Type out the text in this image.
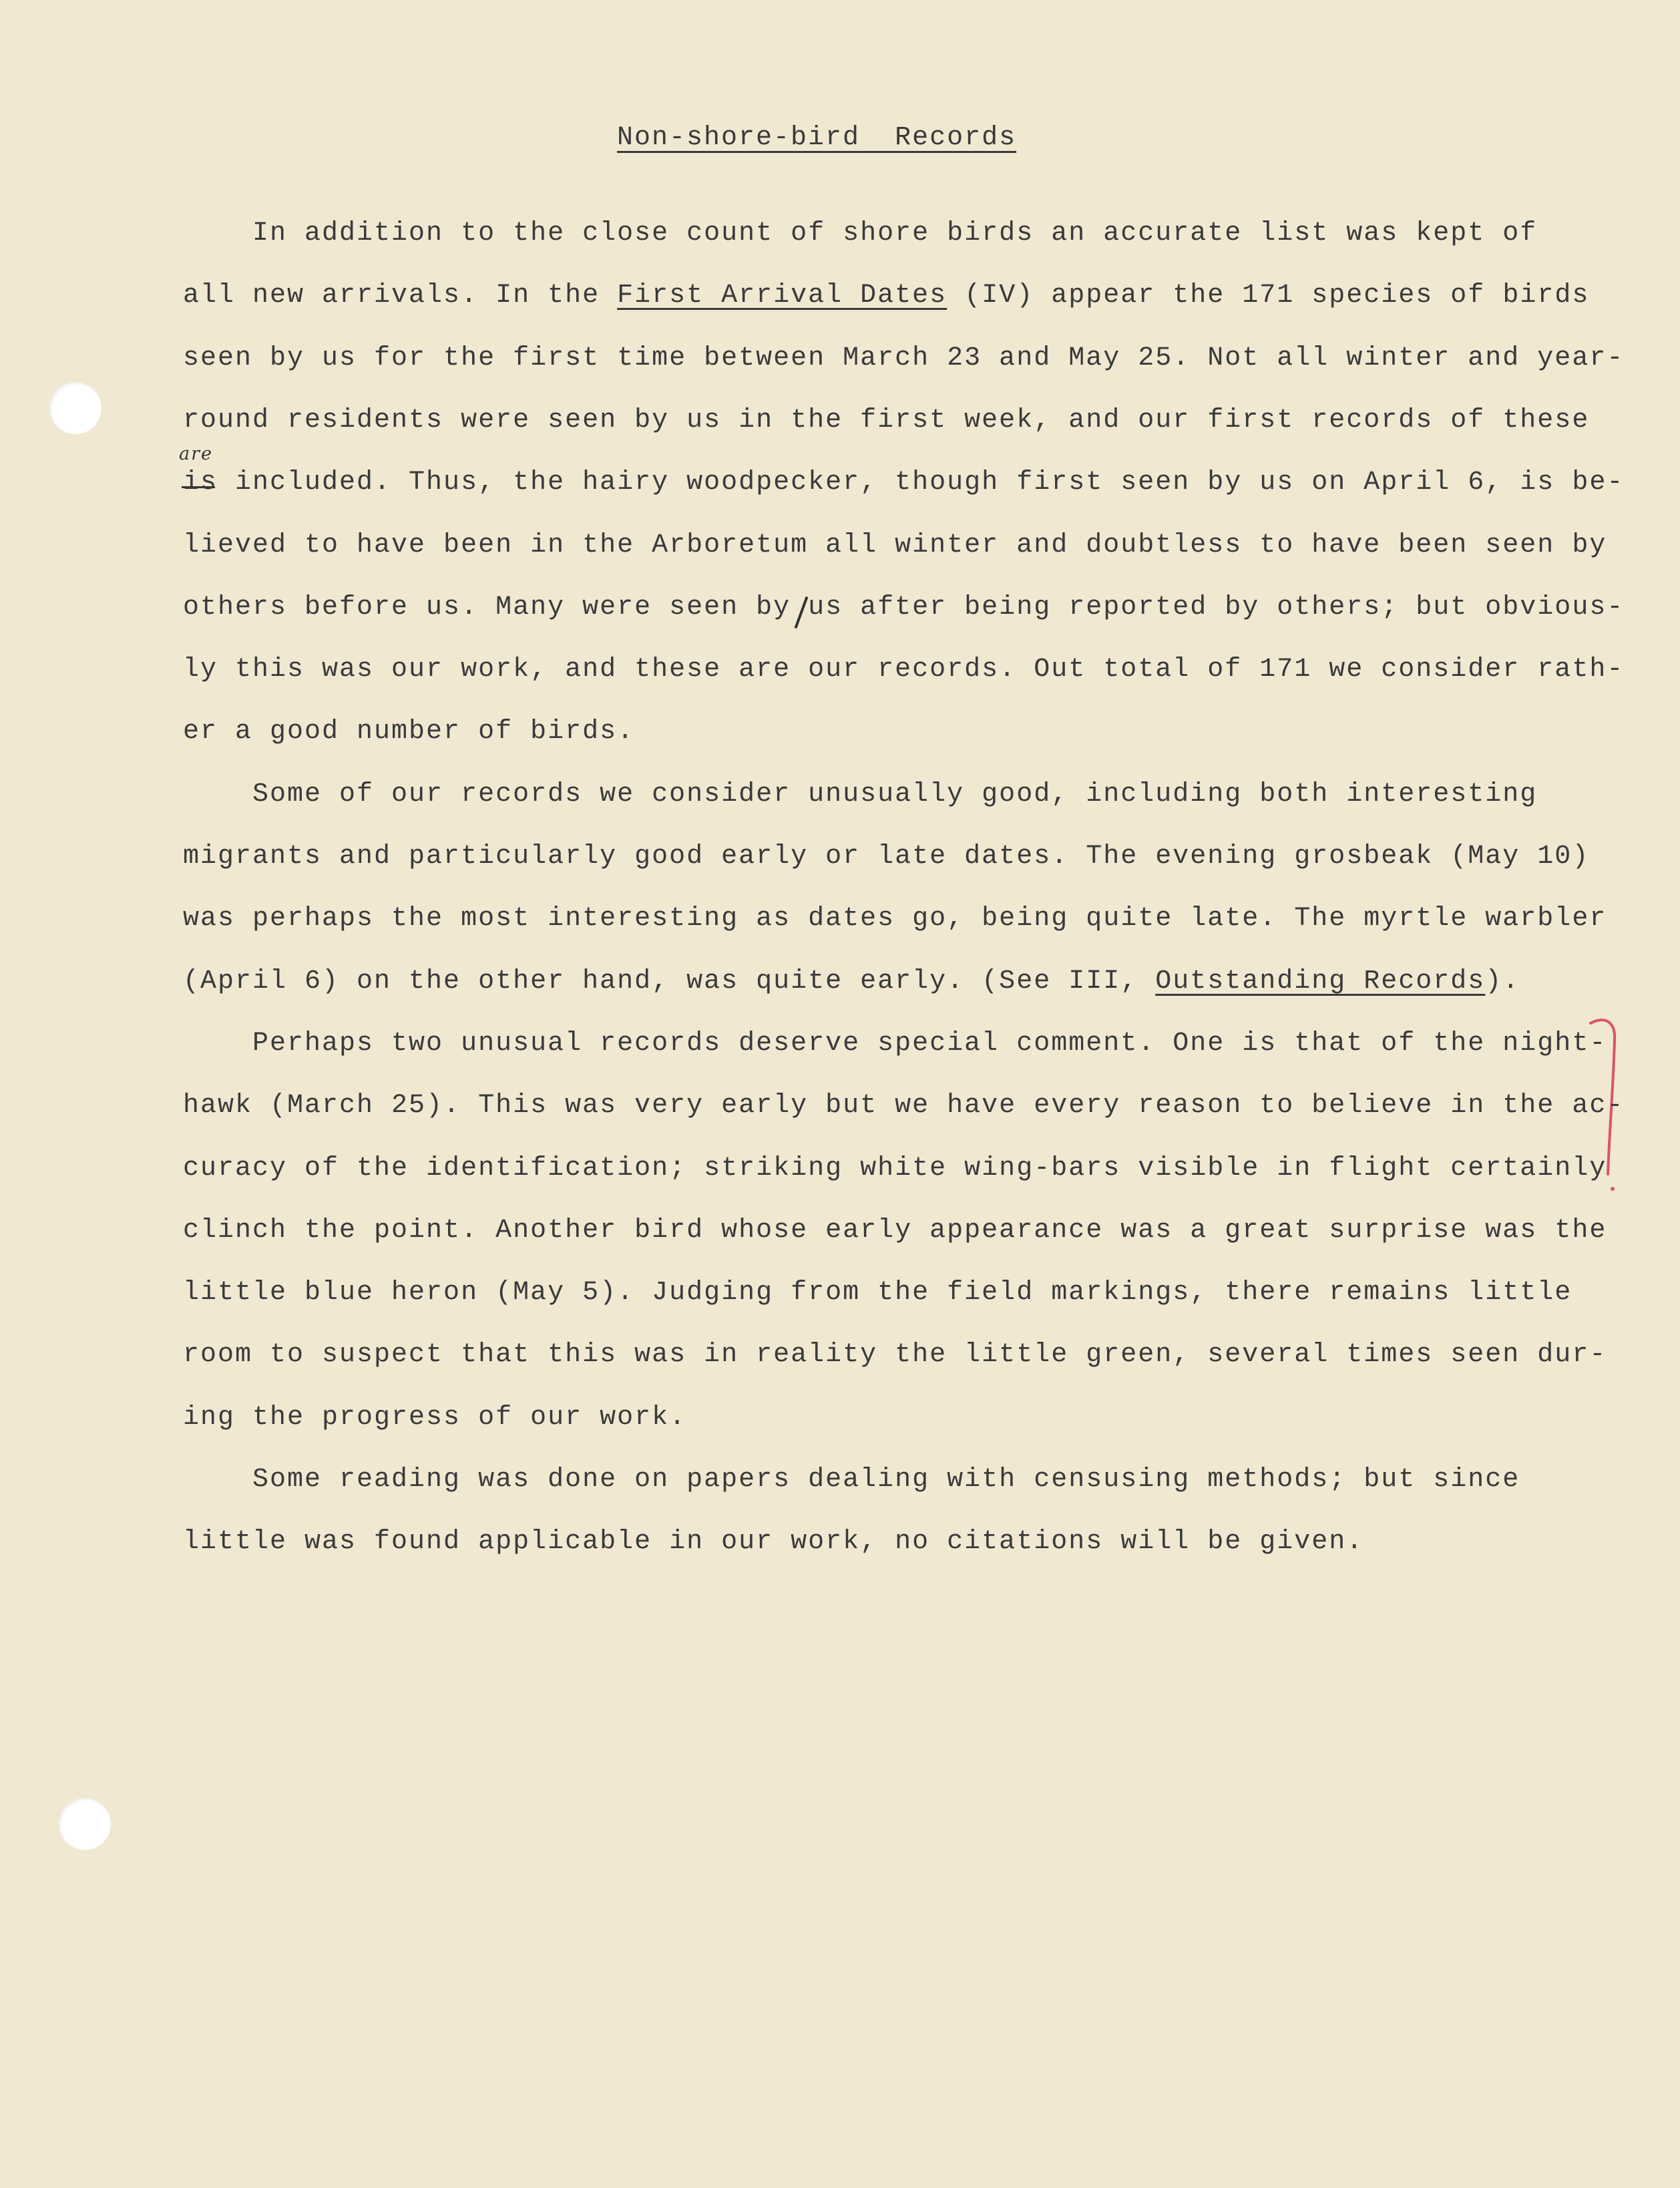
Non-shore-bird  Records
are
In addition to the close count of shore birds an accurate list was kept of
all new arrivals. In the First Arrival Dates (IV) appear the 171 species of birds
seen by us for the first time between March 23 and May 25. Not all winter and year-
round residents were seen by us in the first week, and our first records of these
is included. Thus, the hairy woodpecker, though first seen by us on April 6, is be-
lieved to have been in the Arboretum all winter and doubtless to have been seen by
others before us. Many were seen by us after being reported by others; but obvious-
ly this was our work, and these are our records. Out total of 171 we consider rath-
er a good number of birds.
Some of our records we consider unusually good, including both interesting
migrants and particularly good early or late dates. The evening grosbeak (May 10)
was perhaps the most interesting as dates go, being quite late. The myrtle warbler
(April 6) on the other hand, was quite early. (See III, Outstanding Records).
Perhaps two unusual records deserve special comment. One is that of the night-
hawk (March 25). This was very early but we have every reason to believe in the ac-
curacy of the identification; striking white wing-bars visible in flight certainly
clinch the point. Another bird whose early appearance was a great surprise was the
little blue heron (May 5). Judging from the field markings, there remains little
room to suspect that this was in reality the little green, several times seen dur-
ing the progress of our work.
Some reading was done on papers dealing with censusing methods; but since
little was found applicable in our work, no citations will be given.
